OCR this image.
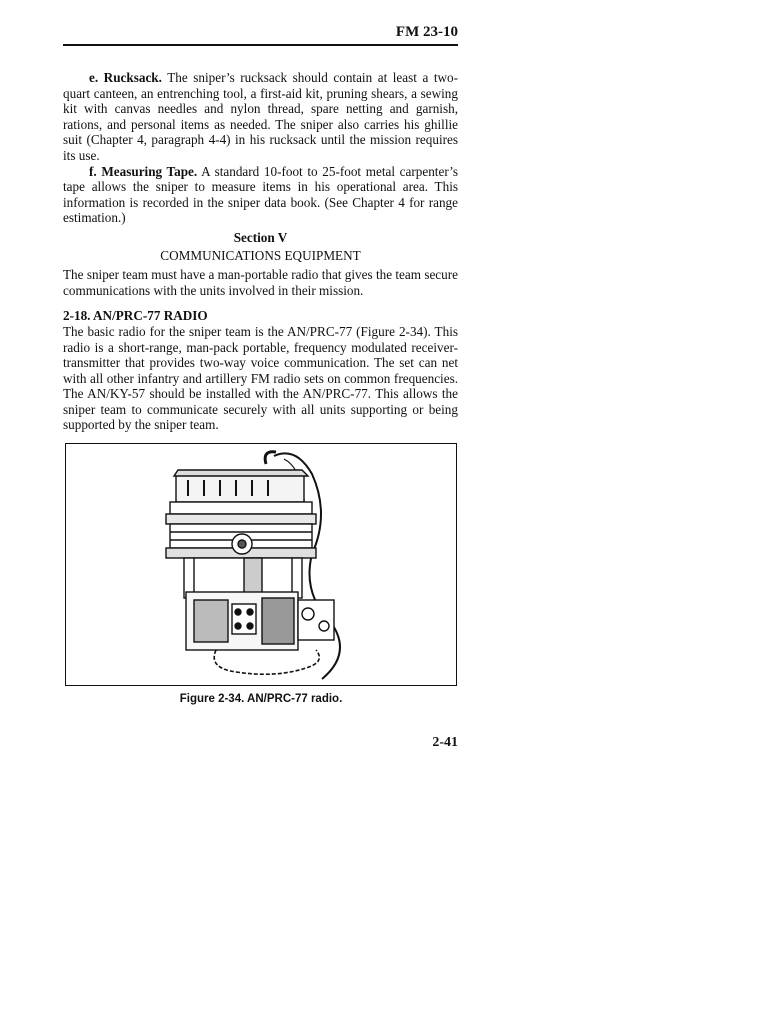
FM 23-10

e. Rucksack. The sniper’s rucksack should contain at least a two-quart canteen, an entrenching tool, a first-aid kit, pruning shears, a sewing kit with canvas needles and nylon thread, spare netting and garnish, rations, and personal items as needed. The sniper also carries his ghillie suit (Chapter 4, paragraph 4-4) in his rucksack until the mission requires its use.

f. Measuring Tape. A standard 10-foot to 25-foot metal carpenter’s tape allows the sniper to measure items in his operational area. This information is recorded in the sniper data book. (See Chapter 4 for range estimation.)

Section V

COMMUNICATIONS EQUIPMENT

The sniper team must have a man-portable radio that gives the team secure communications with the units involved in their mission.

2-18. AN/PRC-77 RADIO

The basic radio for the sniper team is the AN/PRC-77 (Figure 2-34). This radio is a short-range, man-pack portable, frequency modulated receiver-transmitter that provides two-way voice communication. The set can net with all other infantry and artillery FM radio sets on common frequencies. The AN/KY-57 should be installed with the AN/PRC-77. This allows the sniper team to communicate securely with all units supporting or being supported by the sniper team.

Figure 2-34. AN/PRC-77 radio.
2-41
